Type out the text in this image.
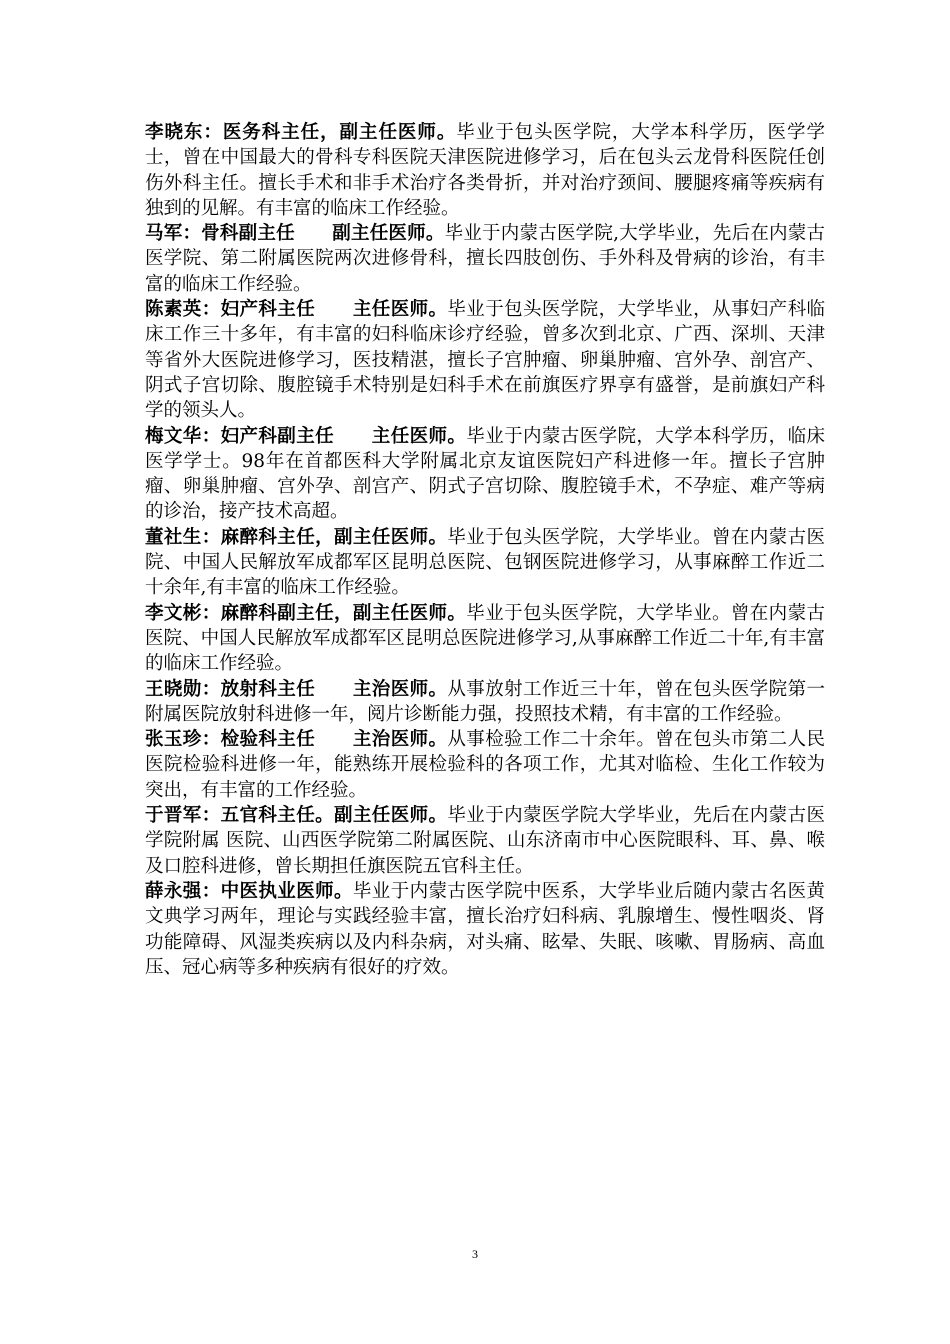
李晓东：医务科主任，副主任医师。毕业于包头医学院，大学本科学历，医学学士，曾在中国最大的骨科专科医院天津医院进修学习，后在包头云龙骨科医院任创伤外科主任。擅长手术和非手术治疗各类骨折，并对治疗颈间、腰腿疼痛等疾病有独到的见解。有丰富的临床工作经验。

马军：骨科副主任　　副主任医师。毕业于内蒙古医学院,大学毕业，先后在内蒙古医学院、第二附属医院两次进修骨科，擅长四肢创伤、手外科及骨病的诊治，有丰富的临床工作经验。

陈素英：妇产科主任　　主任医师。毕业于包头医学院，大学毕业，从事妇产科临床工作三十多年，有丰富的妇科临床诊疗经验，曾多次到北京、广西、深圳、天津等省外大医院进修学习，医技精湛，擅长子宫肿瘤、卵巢肿瘤、宫外孕、剖宫产、阴式子宫切除、腹腔镜手术特别是妇科手术在前旗医疗界享有盛誉，是前旗妇产科学的领头人。

梅文华：妇产科副主任　　主任医师。毕业于内蒙古医学院，大学本科学历，临床医学学士。98年在首都医科大学附属北京友谊医院妇产科进修一年。擅长子宫肿瘤、卵巢肿瘤、宫外孕、剖宫产、阴式子宫切除、腹腔镜手术，不孕症、难产等病的诊治，接产技术高超。

董社生：麻醉科主任，副主任医师。毕业于包头医学院，大学毕业。曾在内蒙古医院、中国人民解放军成都军区昆明总医院、包钢医院进修学习，从事麻醉工作近二十余年,有丰富的临床工作经验。

李文彬：麻醉科副主任，副主任医师。毕业于包头医学院，大学毕业。曾在内蒙古医院、中国人民解放军成都军区昆明总医院进修学习,从事麻醉工作近二十年,有丰富的临床工作经验。

王晓勋：放射科主任　　主治医师。从事放射工作近三十年，曾在包头医学院第一附属医院放射科进修一年，阅片诊断能力强，投照技术精，有丰富的工作经验。

张玉珍：检验科主任　　主治医师。从事检验工作二十余年。曾在包头市第二人民医院检验科进修一年，能熟练开展检验科的各项工作，尤其对临检、生化工作较为突出，有丰富的工作经验。

于晋军：五官科主任。副主任医师。毕业于内蒙医学院大学毕业，先后在内蒙古医学院附属 医院、山西医学院第二附属医院、山东济南市中心医院眼科、耳、鼻、喉及口腔科进修，曾长期担任旗医院五官科主任。

薛永强：中医执业医师。毕业于内蒙古医学院中医系，大学毕业后随内蒙古名医黄文典学习两年，理论与实践经验丰富，擅长治疗妇科病、乳腺增生、慢性咽炎、肾功能障碍、风湿类疾病以及内科杂病，对头痛、眩晕、失眠、咳嗽、胃肠病、高血压、冠心病等多种疾病有很好的疗效。

3
